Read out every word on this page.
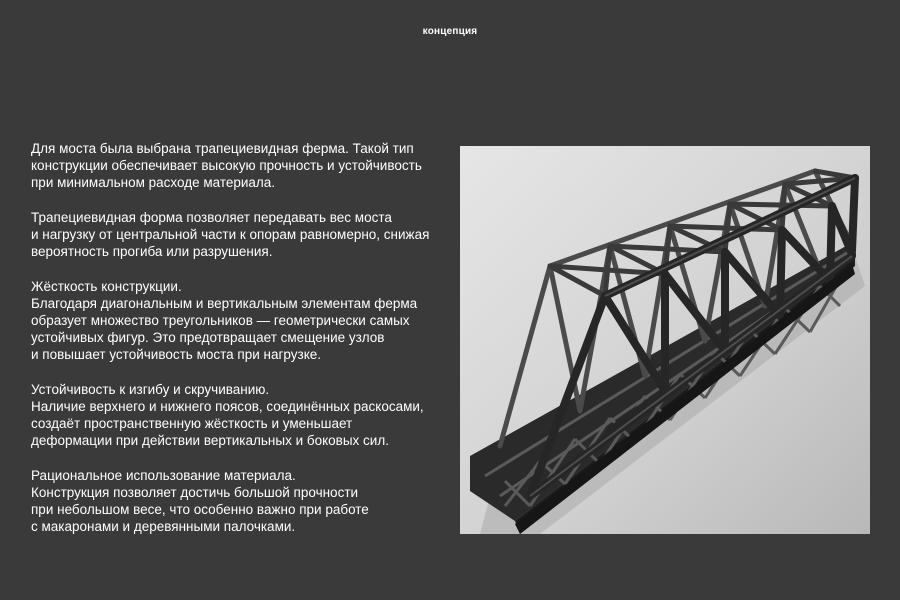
концепция

Для моста была выбрана трапециевидная ферма. Такой тип
конструкции обеспечивает высокую прочность и устойчивость
при минимальном расходе материала.

Трапециевидная форма позволяет передавать вес моста
и нагрузку от центральной части к опорам равномерно, снижая
вероятность прогиба или разрушения.

Жёсткость конструкции.
Благодаря диагональным и вертикальным элементам ферма
образует множество треугольников — геометрически самых
устойчивых фигур. Это предотвращает смещение узлов
и повышает устойчивость моста при нагрузке.

Устойчивость к изгибу и скручиванию.
Наличие верхнего и нижнего поясов, соединённых раскосами,
создаёт пространственную жёсткость и уменьшает
деформации при действии вертикальных и боковых сил.

Рациональное использование материала.
Конструкция позволяет достичь большой прочности
при небольшом весе, что особенно важно при работе
с макаронами и деревянными палочками.
